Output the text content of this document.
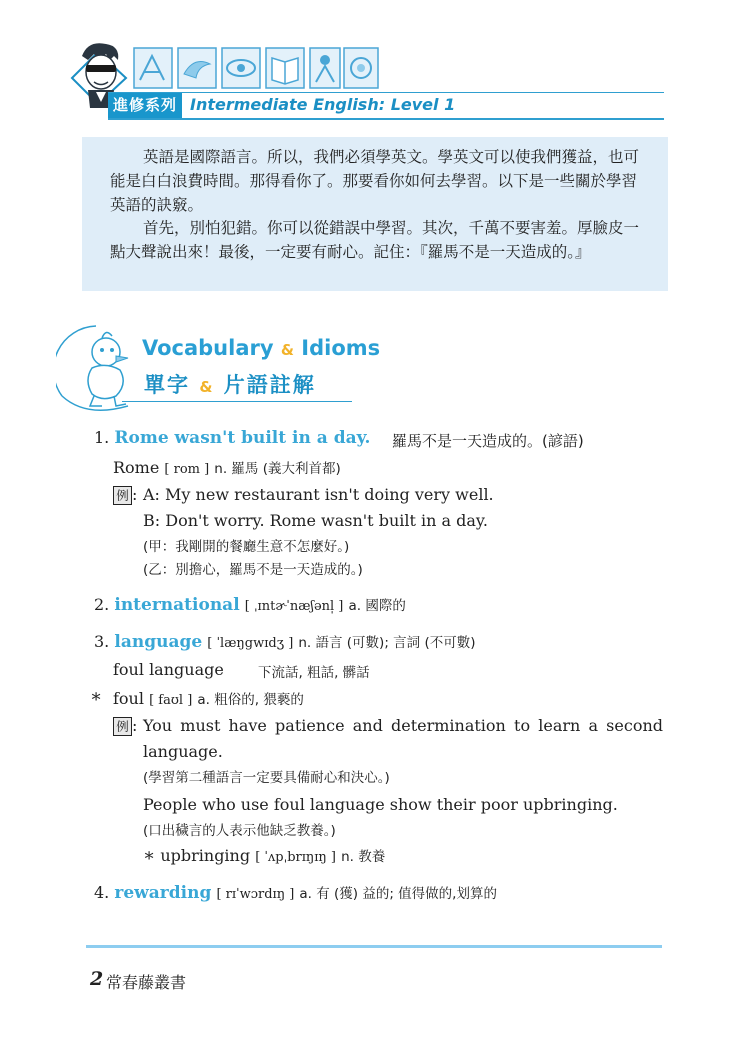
進修系列 Intermediate English: Level 1

英語是國際語言。所以，我們必須學英文。學英文可以使我們獲益，也可能是白白浪費時間。那得看你了。那要看你如何去學習。以下是一些關於學習英語的訣竅。

首先，別怕犯錯。你可以從錯誤中學習。其次，千萬不要害羞。厚臉皮一點大聲說出來！最後，一定要有耐心。記住：『羅馬不是一天造成的。』

Vocabulary & Idioms
單字 & 片語註解
1. Rome wasn't built in a day. 羅馬不是一天造成的。(諺語)
Rome [ rom ] n. 羅馬 (義大利首都)
例 : A: My new restaurant isn't doing very well.
B: Don't worry. Rome wasn't built in a day.
(甲：我剛開的餐廳生意不怎麼好。)
(乙：別擔心，羅馬不是一天造成的。)
2. international [ ˌɪntɚˈnæʃənl̩ ] a. 國際的
3. language [ ˈlæŋgwɪdʒ ] n. 語言 (可數); 言詞 (不可數)
foul language	下流話, 粗話, 髒話
∗ foul [ faʊl ] a. 粗俗的, 猥褻的
例 : You must have patience and determination to learn a second
language.
(學習第二種語言一定要具備耐心和決心。)
People who use foul language show their poor upbringing.
(口出穢言的人表示他缺乏教養。)
∗ upbringing [ ˈʌpˌbrɪŋɪŋ ] n. 教養
4. rewarding [ rɪˈwɔrdɪŋ ] a. 有 (獲) 益的; 值得做的,划算的
2 常春藤叢書
